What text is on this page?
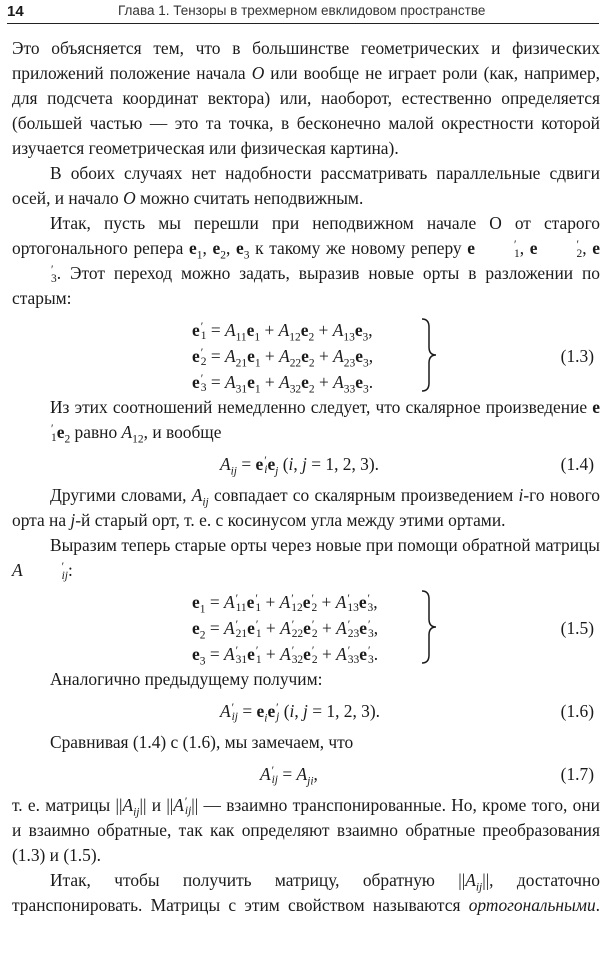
14	Глава 1. Тензоры в трехмерном евклидовом пространстве

Это объясняется тем, что в большинстве геометрических и физических приложений положение начала O или вообще не играет роли (как, например, для подсчета координат вектора) или, наоборот, естественно определяется (большей частью — это та точка, в бесконечно малой окрестности которой изучается геометрическая или физическая картина).

В обоих случаях нет надобности рассматривать параллельные сдвиги осей, и начало O можно считать неподвижным.

Итак, пусть мы перешли при неподвижном начале O от старого ортогонального репера $e_1$, $e_2$, $e_3$ к такому же новому реперу e	′
1 , e	′
2 , e
′
3 . Этот переход можно задать, выразив новые орты в разложении по старым:

e ′
$1 = A_{11}e_1 + A_{12}e_2 + A_{13}e_3$,
e ′
$2 = A_{21}e_1 + A_{22}e_2 + A_{23}e_3$,
e ′
$3 = A_{31}e_1 + A_{32}e_2 + A_{33}e_3$.
(1.3)

Из этих соотношений немедленно следует, что скалярное произведение e
′
1 $e_2$ равно $A_{12}$, и вообще

$A_{ij} = e$ ′
i $e_j$ (i, j = 1, 2, 3).	(1.4)

Другими словами, $A_{ij}$ совпадает со скалярным произведением i-го нового орта на j-й старый орт, т. е. с косинусом угла между этими ортами.

Выразим теперь старые орты через новые при помощи обратной матрицы A	′
ij :

$e_1 = A$ ′
11 e ′
1 + A ′
12 e ′
2 + A ′
13 e ′
3 ,
$e_2 = A$ ′
21 e ′
1 + A ′
22 e ′
2 + A ′
23 e ′
3 ,
$e_3 = A$ ′
31 e ′
1 + A ′
32 e ′
2 + A ′
33 e ′
3 .
(1.5)

Аналогично предыдущему получим:

A ′
ij = $e_ie$ ′
j (i, j = 1, 2, 3).	(1.6)

Сравнивая (1.4) с (1.6), мы замечаем, что

A ′
ij = $A_{ji}$,	(1.7)

т. е. матрицы $||A_{ij}||$ и ||A ′
ij || — взаимно транспонированные. Но, кроме того, они и взаимно обратные, так как определяют взаимно обратные преобразования (1.3) и (1.5).

Итак, чтобы получить матрицу, обратную $||A_{ij}||$, достаточно транспонировать. Матрицы с этим свойством называются ортогональными.
